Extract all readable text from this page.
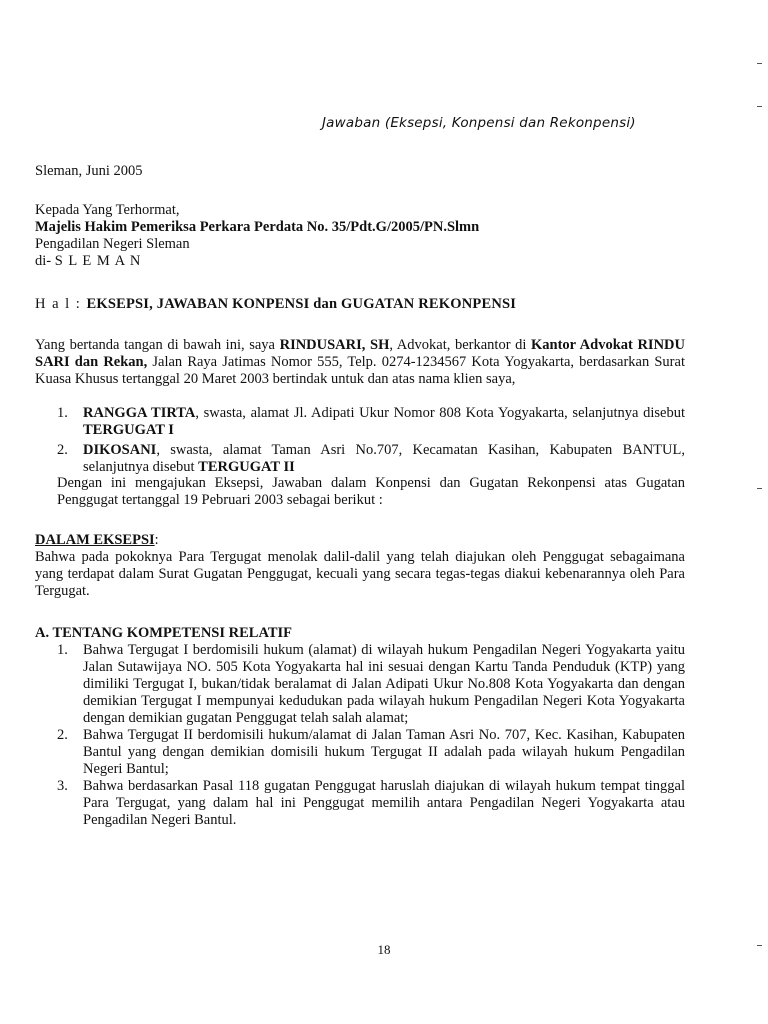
Jawaban (Eksepsi, Konpensi dan Rekonpensi)
Sleman, Juni 2005
Kepada Yang Terhormat,
Majelis Hakim Pemeriksa Perkara Perdata No. 35/Pdt.G/2005/PN.Slmn
Pengadilan Negeri Sleman
di- S L E M A N
H a l : EKSEPSI, JAWABAN KONPENSI dan GUGATAN REKONPENSI
Yang bertanda tangan di bawah ini, saya RINDUSARI, SH, Advokat, berkantor di Kantor Advokat RINDU SARI dan Rekan, Jalan Raya Jatimas Nomor 555, Telp. 0274-1234567 Kota Yogyakarta, berdasarkan Surat Kuasa Khusus tertanggal 20 Maret 2003 bertindak untuk dan atas nama klien saya,
1. RANGGA TIRTA, swasta, alamat Jl. Adipati Ukur Nomor 808 Kota Yogyakarta, selanjutnya disebut TERGUGAT I
2. DIKOSANI, swasta, alamat Taman Asri No.707, Kecamatan Kasihan, Kabupaten BANTUL, selanjutnya disebut TERGUGAT II
Dengan ini mengajukan Eksepsi, Jawaban dalam Konpensi dan Gugatan Rekonpensi atas Gugatan Penggugat tertanggal 19 Pebruari 2003 sebagai berikut :
DALAM EKSEPSI:
Bahwa pada pokoknya Para Tergugat menolak dalil-dalil yang telah diajukan oleh Penggugat sebagaimana yang terdapat dalam Surat Gugatan Penggugat, kecuali yang secara tegas-tegas diakui kebenarannya oleh Para Tergugat.
A. TENTANG KOMPETENSI RELATIF
1. Bahwa Tergugat I berdomisili hukum (alamat) di wilayah hukum Pengadilan Negeri Yogyakarta yaitu Jalan Sutawijaya NO. 505 Kota Yogyakarta hal ini sesuai dengan Kartu Tanda Penduduk (KTP) yang dimiliki Tergugat I, bukan/tidak beralamat di Jalan Adipati Ukur No.808 Kota Yogyakarta dan dengan demikian Tergugat I mempunyai kedudukan pada wilayah hukum Pengadilan Negeri Kota Yogyakarta dengan demikian gugatan Penggugat telah salah alamat;
2. Bahwa Tergugat II berdomisili hukum/alamat di Jalan Taman Asri No. 707, Kec. Kasihan, Kabupaten Bantul yang dengan demikian domisili hukum Tergugat II adalah pada wilayah hukum Pengadilan Negeri Bantul;
3. Bahwa berdasarkan Pasal 118 gugatan Penggugat haruslah diajukan di wilayah hukum tempat tinggal Para Tergugat, yang dalam hal ini Penggugat memilih antara Pengadilan Negeri Yogyakarta atau Pengadilan Negeri Bantul.
18
